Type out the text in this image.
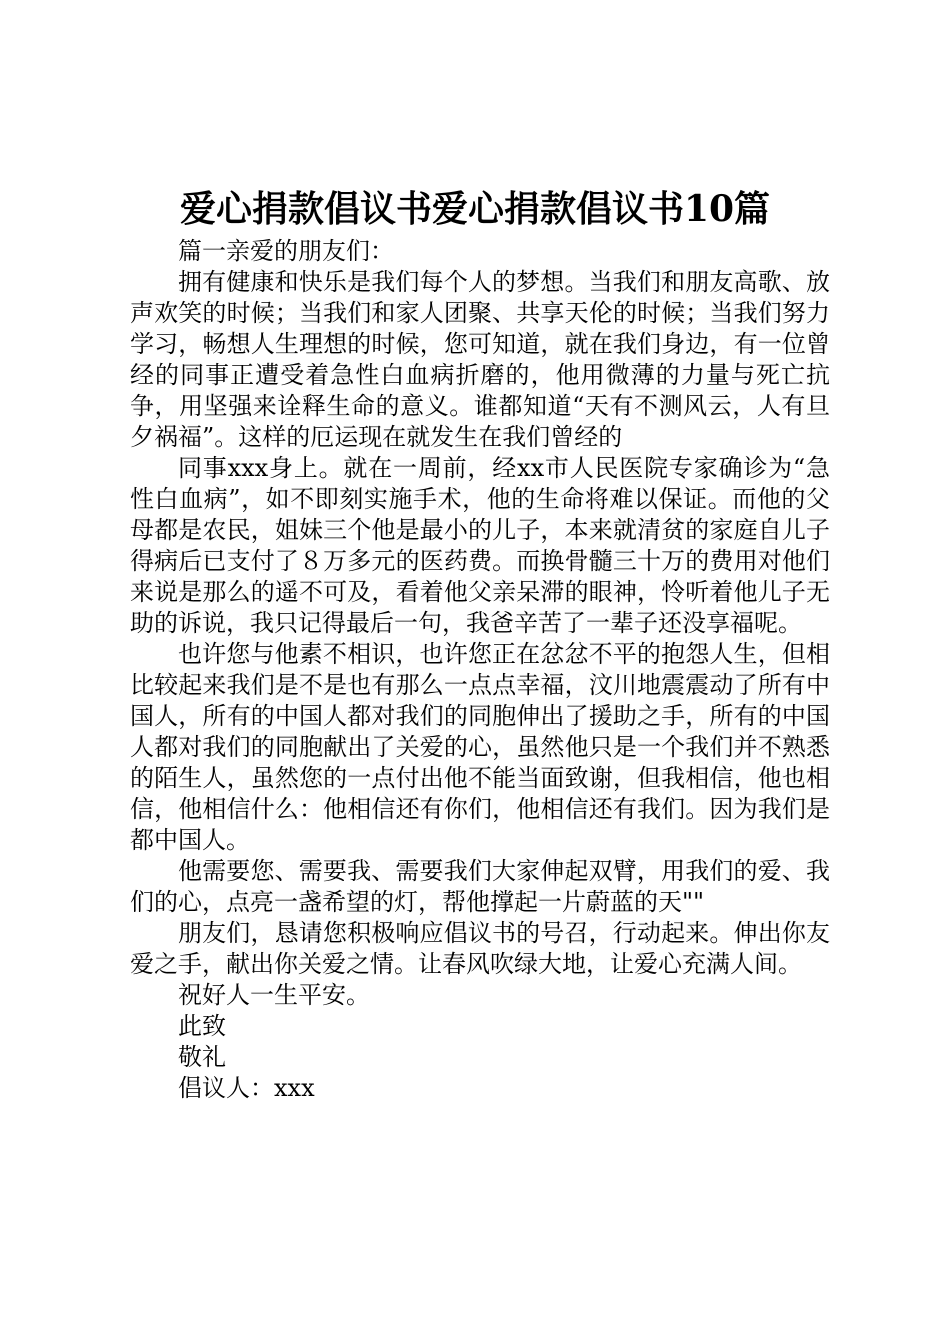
爱心捐款倡议书爱心捐款倡议书10篇

篇一亲爱的朋友们：

拥有健康和快乐是我们每个人的梦想。当我们和朋友高歌、放声欢笑的时候；当我们和家人团聚、共享天伦的时候；当我们努力学习，畅想人生理想的时候，您可知道，就在我们身边，有一位曾经的同事正遭受着急性白血病折磨的，他用微薄的力量与死亡抗争，用坚强来诠释生命的意义。谁都知道“天有不测风云，人有旦夕祸福”。这样的厄运现在就发生在我们曾经的

同事xxx身上。就在一周前，经xx市人民医院专家确诊为“急性白血病”，如不即刻实施手术，他的生命将难以保证。而他的父母都是农民，姐妹三个他是最小的儿子，本来就清贫的家庭自儿子得病后已支付了８万多元的医药费。而换骨髓三十万的费用对他们来说是那么的遥不可及，看着他父亲呆滞的眼神，怜听着他儿子无助的诉说，我只记得最后一句，我爸辛苦了一辈子还没享福呢。

也许您与他素不相识，也许您正在忿忿不平的抱怨人生，但相比较起来我们是不是也有那么一点点幸福，汶川地震震动了所有中国人，所有的中国人都对我们的同胞伸出了援助之手，所有的中国人都对我们的同胞献出了关爱的心，虽然他只是一个我们并不熟悉的陌生人，虽然您的一点付出他不能当面致谢，但我相信，他也相信，他相信什么：他相信还有你们，他相信还有我们。因为我们是都中国人。

他需要您、需要我、需要我们大家伸起双臂，用我们的爱、我们的心，点亮一盏希望的灯，帮他撑起一片蔚蓝的天""

朋友们，恳请您积极响应倡议书的号召，行动起来。伸出你友爱之手，献出你关爱之情。让春风吹绿大地，让爱心充满人间。

祝好人一生平安。

此致

敬礼

倡议人：xxx
